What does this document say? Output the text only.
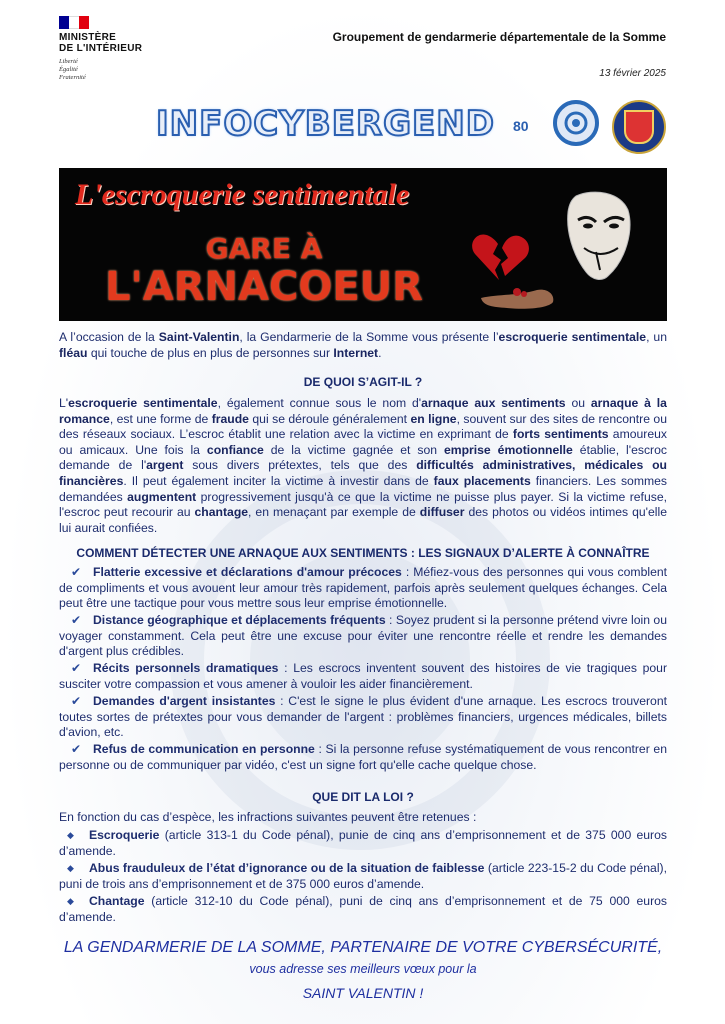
MINISTÈRE
DE L'INTÉRIEUR
Liberté
Égalité
Fraternité
Groupement de gendarmerie départementale de la Somme
13 février 2025
INFOCYBERGEND 80
L'escroquerie sentimentale
GARE À
L'ARNACOEUR
A l’occasion de la Saint-Valentin, la Gendarmerie de la Somme vous présente l’escroquerie sentimentale, un fléau qui touche de plus en plus de personnes sur Internet.
DE QUOI S’AGIT-IL ?
L'escroquerie sentimentale, également connue sous le nom d'arnaque aux sentiments ou arnaque à la romance, est une forme de fraude qui se déroule généralement en ligne, souvent sur des sites de rencontre ou des réseaux sociaux. L’escroc établit une relation avec la victime en exprimant de forts sentiments amoureux ou amicaux. Une fois la confiance de la victime gagnée et son emprise émotionnelle établie, l'escroc demande de l'argent sous divers prétextes, tels que des difficultés administratives, médicales ou financières. Il peut également inciter la victime à investir dans de faux placements financiers. Les sommes demandées augmentent progressivement jusqu'à ce que la victime ne puisse plus payer. Si la victime refuse, l'escroc peut recourir au chantage, en menaçant par exemple de diffuser des photos ou vidéos intimes qu'elle lui aurait confiées.
COMMENT DÉTECTER UNE ARNAQUE AUX SENTIMENTS : LES SIGNAUX D’ALERTE À CONNAÎTRE
✔ Flatterie excessive et déclarations d'amour précoces : Méfiez-vous des personnes qui vous comblent de compliments et vous avouent leur amour très rapidement, parfois après seulement quelques échanges. Cela peut être une tactique pour vous mettre sous leur emprise émotionnelle.
✔ Distance géographique et déplacements fréquents : Soyez prudent si la personne prétend vivre loin ou voyager constamment. Cela peut être une excuse pour éviter une rencontre réelle et rendre les demandes d'argent plus crédibles.
✔ Récits personnels dramatiques : Les escrocs inventent souvent des histoires de vie tragiques pour susciter votre compassion et vous amener à vouloir les aider financièrement.
✔ Demandes d'argent insistantes : C'est le signe le plus évident d'une arnaque. Les escrocs trouveront toutes sortes de prétextes pour vous demander de l'argent : problèmes financiers, urgences médicales, billets d'avion, etc.
✔ Refus de communication en personne : Si la personne refuse systématiquement de vous rencontrer en personne ou de communiquer par vidéo, c'est un signe fort qu'elle cache quelque chose.
QUE DIT LA LOI ?
En fonction du cas d’espèce, les infractions suivantes peuvent être retenues :
◆ Escroquerie (article 313-1 du Code pénal), punie de cinq ans d’emprisonnement et de 375 000 euros d’amende.
◆ Abus frauduleux de l’état d’ignorance ou de la situation de faiblesse (article 223-15-2 du Code pénal), puni de trois ans d’emprisonnement et de 375 000 euros d’amende.
◆ Chantage (article 312-10 du Code pénal), puni de cinq ans d’emprisonnement et de 75 000 euros d’amende.
LA GENDARMERIE DE LA SOMME, PARTENAIRE DE VOTRE CYBERSÉCURITÉ,
vous adresse ses meilleurs vœux pour la
SAINT VALENTIN !
